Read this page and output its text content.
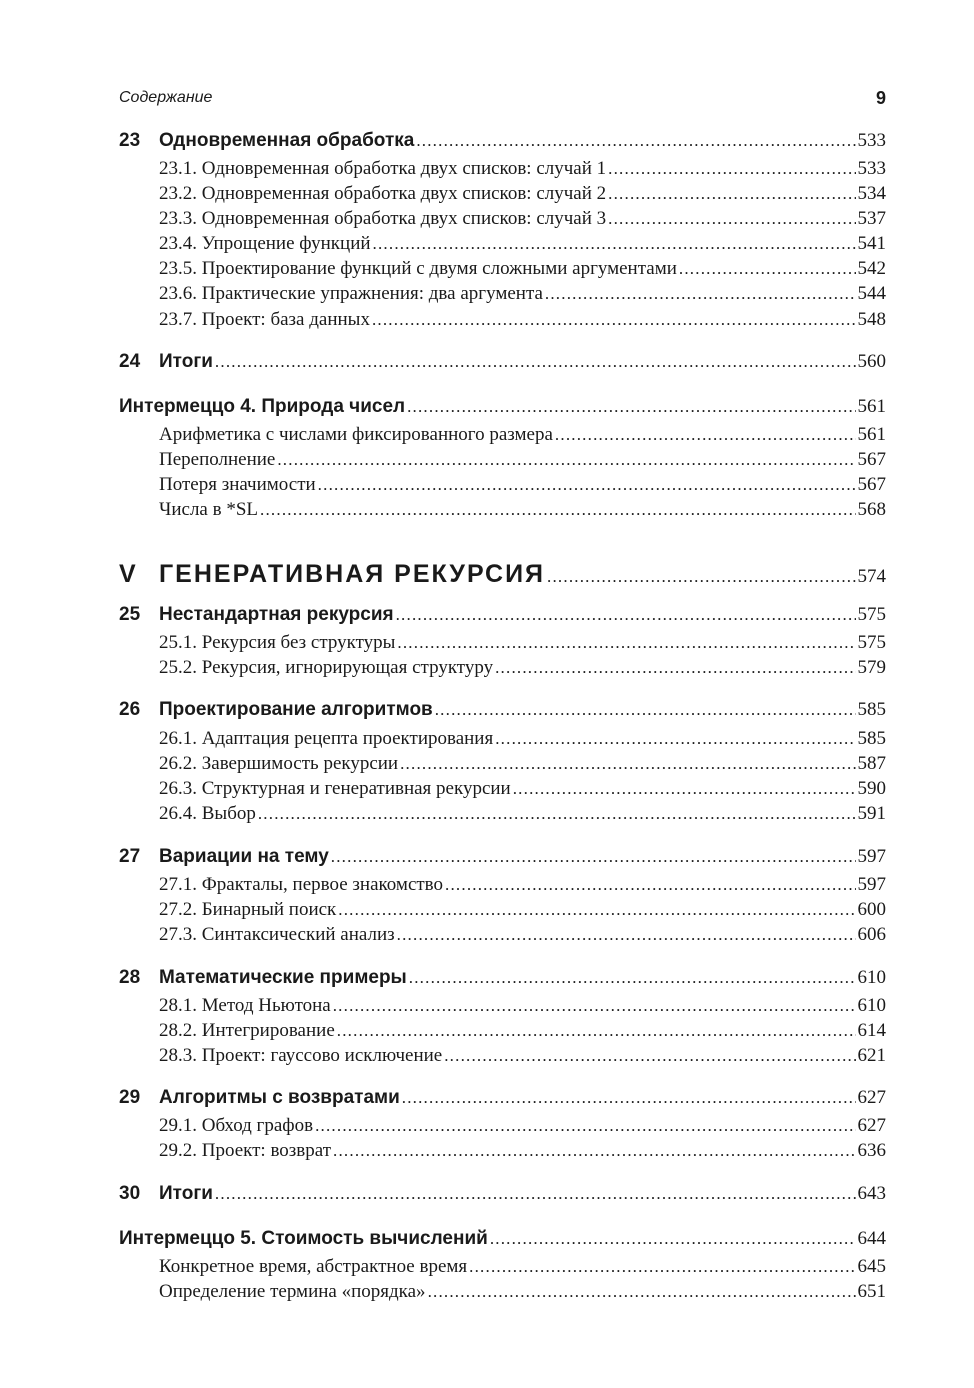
Содержание	9
23 Одновременная обработка .....	533
23.1. Одновременная обработка двух списков: случай 1 .....	533
23.2. Одновременная обработка двух списков: случай 2 .....	534
23.3. Одновременная обработка двух списков: случай 3 .....	537
23.4. Упрощение функций .....	541
23.5. Проектирование функций с двумя сложными аргументами .....	542
23.6. Практические упражнения: два аргумента .....	544
23.7. Проект: база данных .....	548
24 Итоги .....	560
Интермеццо 4. Природа чисел .....	561
Арифметика с числами фиксированного размера .....	561
Переполнение .....	567
Потеря значимости .....	567
Числа в *SL .....	568
V ГЕНЕРАТИВНАЯ РЕКУРСИЯ .....	574
25 Нестандартная рекурсия .....	575
25.1. Рекурсия без структуры .....	575
25.2. Рекурсия, игнорирующая структуру .....	579
26 Проектирование алгоритмов .....	585
26.1. Адаптация рецепта проектирования .....	585
26.2. Завершимость рекурсии .....	587
26.3. Структурная и генеративная рекурсии .....	590
26.4. Выбор .....	591
27 Вариации на тему .....	597
27.1. Фракталы, первое знакомство .....	597
27.2. Бинарный поиск .....	600
27.3. Синтаксический анализ .....	606
28 Математические примеры .....	610
28.1. Метод Ньютона .....	610
28.2. Интегрирование .....	614
28.3. Проект: гауссово исключение .....	621
29 Алгоритмы с возвратами .....	627
29.1. Обход графов .....	627
29.2. Проект: возврат .....	636
30 Итоги .....	643
Интермеццо 5. Стоимость вычислений .....	644
Конкретное время, абстрактное время .....	645
Определение термина «порядка» .....	651
